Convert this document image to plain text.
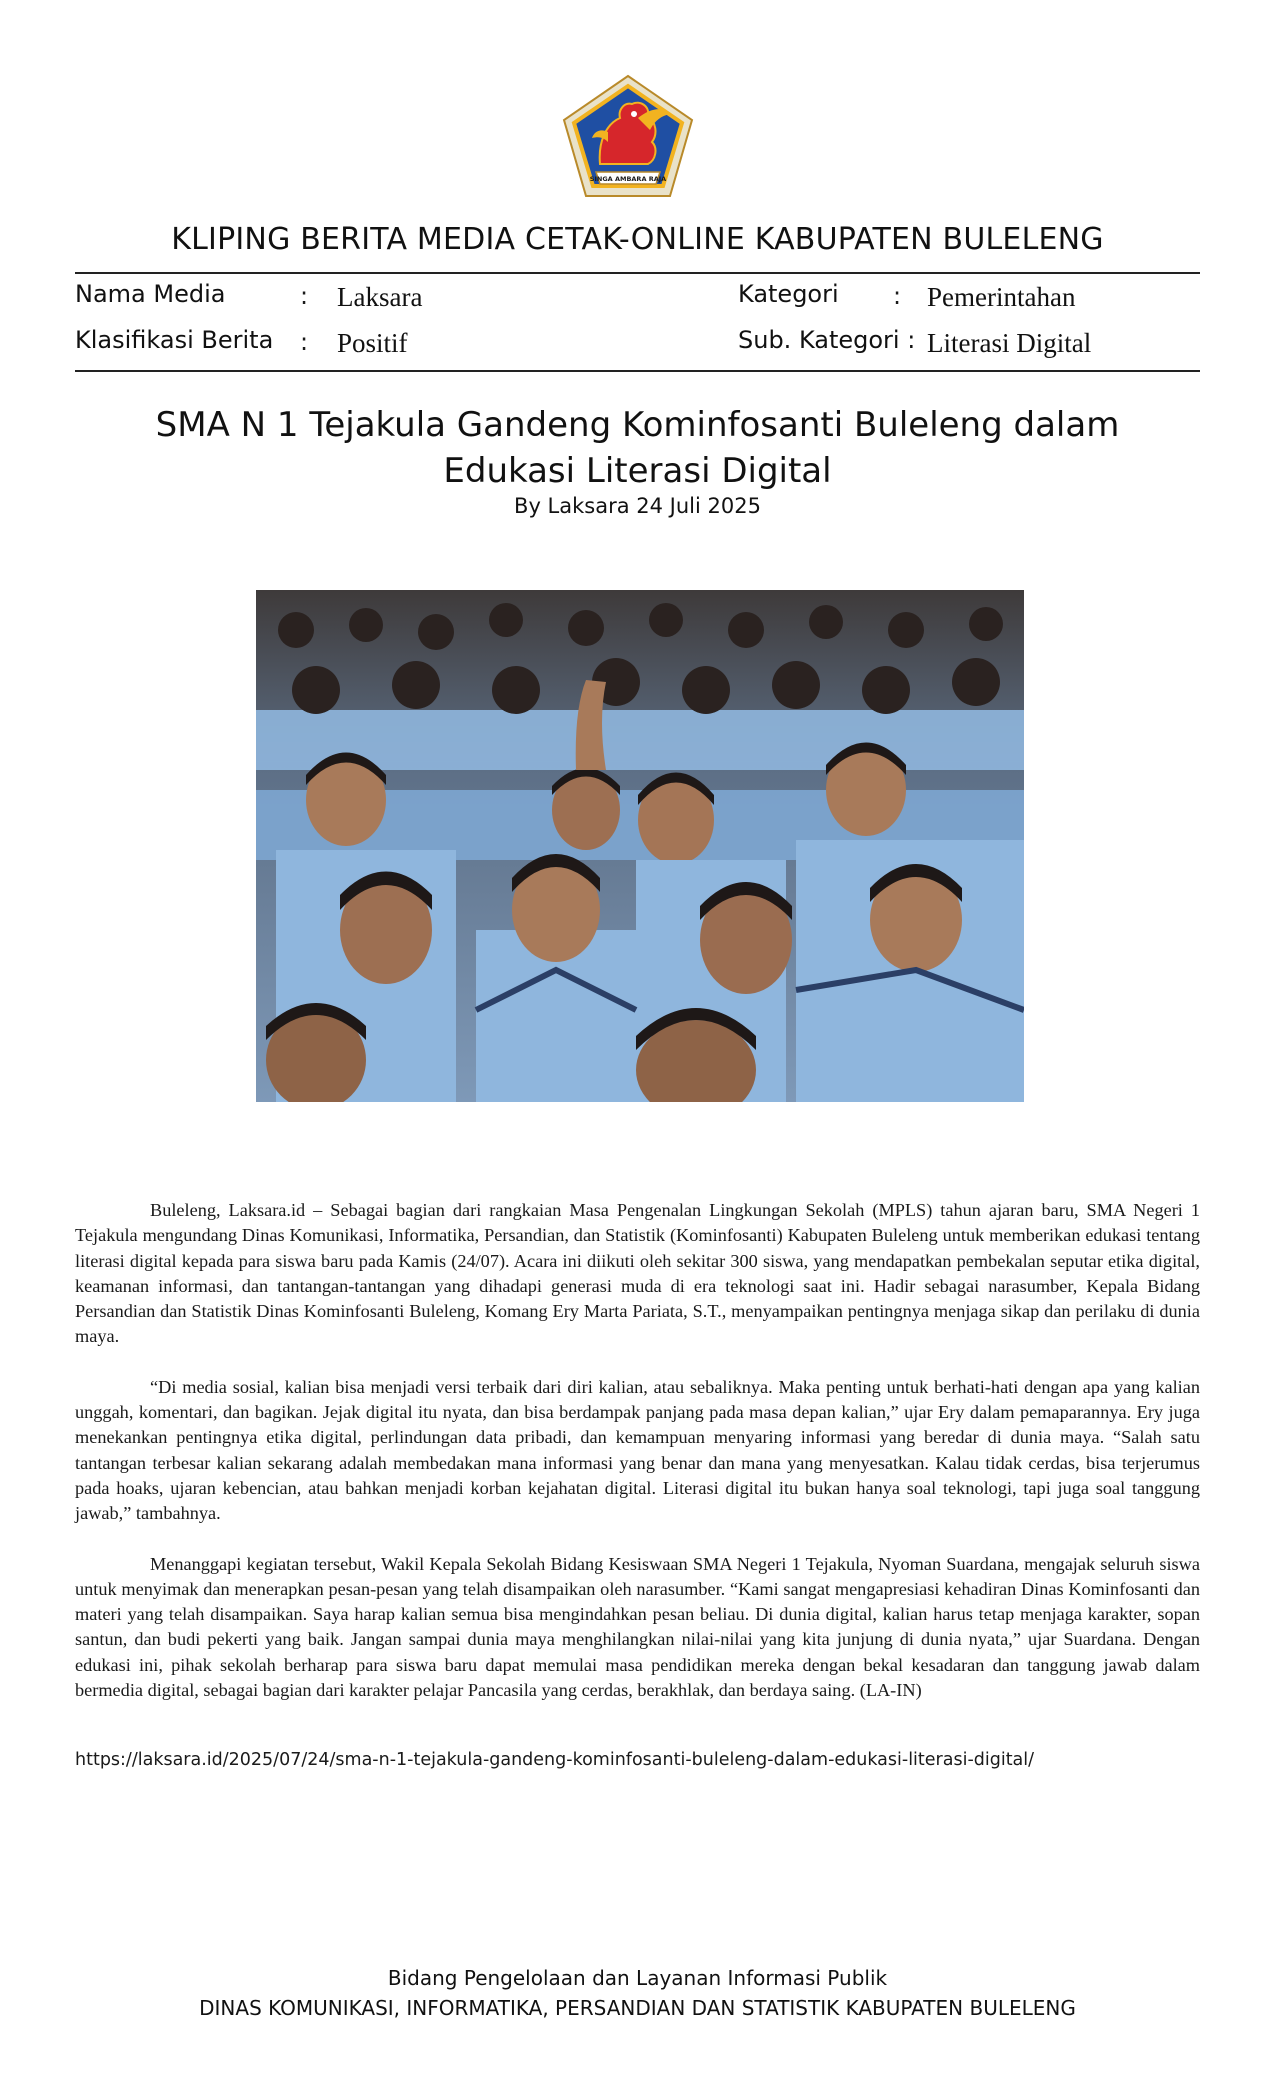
SINGA AMBARA RAJA
KLIPING BERITA MEDIA CETAK-ONLINE KABUPATEN BULELENG
Nama Media	: Laksara
Klasifikasi Berita : Positif
Kategori : Pemerintahan
Sub. Kategori : Literasi Digital
SMA N 1 Tejakula Gandeng Kominfosanti Buleleng dalam
Edukasi Literasi Digital
By Laksara 24 Juli 2025

Buleleng, Laksara.id – Sebagai bagian dari rangkaian Masa Pengenalan Lingkungan Sekolah (MPLS) tahun ajaran baru, SMA Negeri 1 Tejakula mengundang Dinas Komunikasi, Informatika, Persandian, dan Statistik (Kominfosanti) Kabupaten Buleleng untuk memberikan edukasi tentang literasi digital kepada para siswa baru pada Kamis (24/07). Acara ini diikuti oleh sekitar 300 siswa, yang mendapatkan pembekalan seputar etika digital, keamanan informasi, dan tantangan-tantangan yang dihadapi generasi muda di era teknologi saat ini. Hadir sebagai narasumber, Kepala Bidang Persandian dan Statistik Dinas Kominfosanti Buleleng, Komang Ery Marta Pariata, S.T., menyampaikan pentingnya menjaga sikap dan perilaku di dunia maya.

“Di media sosial, kalian bisa menjadi versi terbaik dari diri kalian, atau sebaliknya. Maka penting untuk berhati-hati dengan apa yang kalian unggah, komentari, dan bagikan. Jejak digital itu nyata, dan bisa berdampak panjang pada masa depan kalian,” ujar Ery dalam pemaparannya. Ery juga menekankan pentingnya etika digital, perlindungan data pribadi, dan kemampuan menyaring informasi yang beredar di dunia maya. “Salah satu tantangan terbesar kalian sekarang adalah membedakan mana informasi yang benar dan mana yang menyesatkan. Kalau tidak cerdas, bisa terjerumus pada hoaks, ujaran kebencian, atau bahkan menjadi korban kejahatan digital. Literasi digital itu bukan hanya soal teknologi, tapi juga soal tanggung jawab,” tambahnya.

Menanggapi kegiatan tersebut, Wakil Kepala Sekolah Bidang Kesiswaan SMA Negeri 1 Tejakula, Nyoman Suardana, mengajak seluruh siswa untuk menyimak dan menerapkan pesan-pesan yang telah disampaikan oleh narasumber. “Kami sangat mengapresiasi kehadiran Dinas Kominfosanti dan materi yang telah disampaikan. Saya harap kalian semua bisa mengindahkan pesan beliau. Di dunia digital, kalian harus tetap menjaga karakter, sopan santun, dan budi pekerti yang baik. Jangan sampai dunia maya menghilangkan nilai-nilai yang kita junjung di dunia nyata,” ujar Suardana. Dengan edukasi ini, pihak sekolah berharap para siswa baru dapat memulai masa pendidikan mereka dengan bekal kesadaran dan tanggung jawab dalam bermedia digital, sebagai bagian dari karakter pelajar Pancasila yang cerdas, berakhlak, dan berdaya saing. (LA-IN)

https://laksara.id/2025/07/24/sma-n-1-tejakula-gandeng-kominfosanti-buleleng-dalam-edukasi-literasi-digital/
Bidang Pengelolaan dan Layanan Informasi Publik
DINAS KOMUNIKASI, INFORMATIKA, PERSANDIAN DAN STATISTIK KABUPATEN BULELENG
